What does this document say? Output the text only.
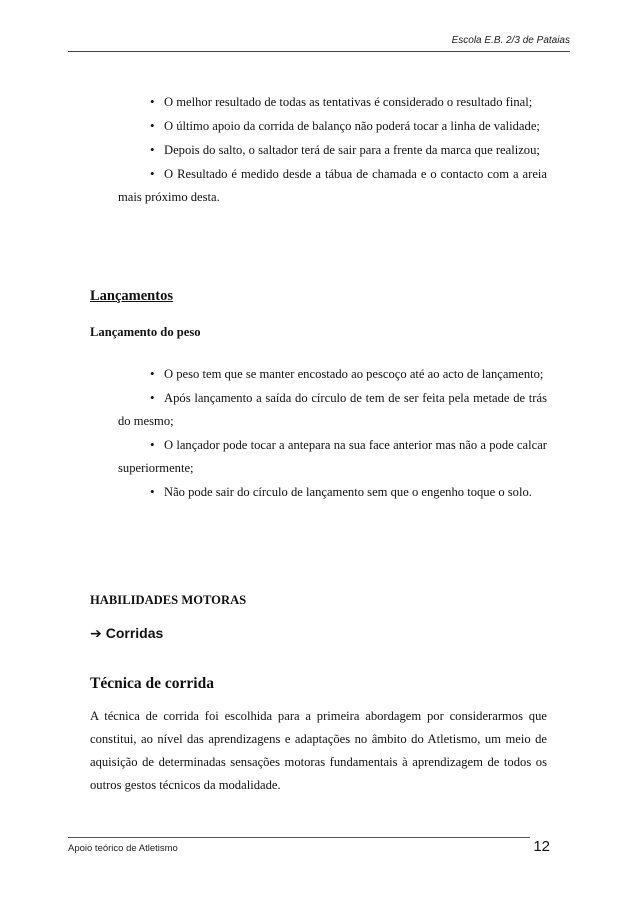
Escola E.B. 2/3 de Pataias
• O melhor resultado de todas as tentativas é considerado o resultado final;
• O último apoio da corrida de balanço não poderá tocar a linha de validade;
• Depois do salto, o saltador terá de sair para a frente da marca que realizou;
• O Resultado é medido desde a tábua de chamada e o contacto com a areia mais próximo desta.
Lançamentos
Lançamento do peso
• O peso tem que se manter encostado ao pescoço até ao acto de lançamento;
• Após lançamento a saída do círculo de tem de ser feita pela metade de trás do mesmo;
• O lançador pode tocar a antepara na sua face anterior mas não a pode calcar superiormente;
• Não pode sair do círculo de lançamento sem que o engenho toque o solo.
HABILIDADES MOTORAS
➔ Corridas
Técnica de corrida

A técnica de corrida foi escolhida para a primeira abordagem por considerarmos que constitui, ao nível das aprendizagens e adaptações no âmbito do Atletismo, um meio de aquisição de determinadas sensações motoras fundamentais à aprendizagem de todos os outros gestos técnicos da modalidade.

Apoio teórico de Atletismo	12
